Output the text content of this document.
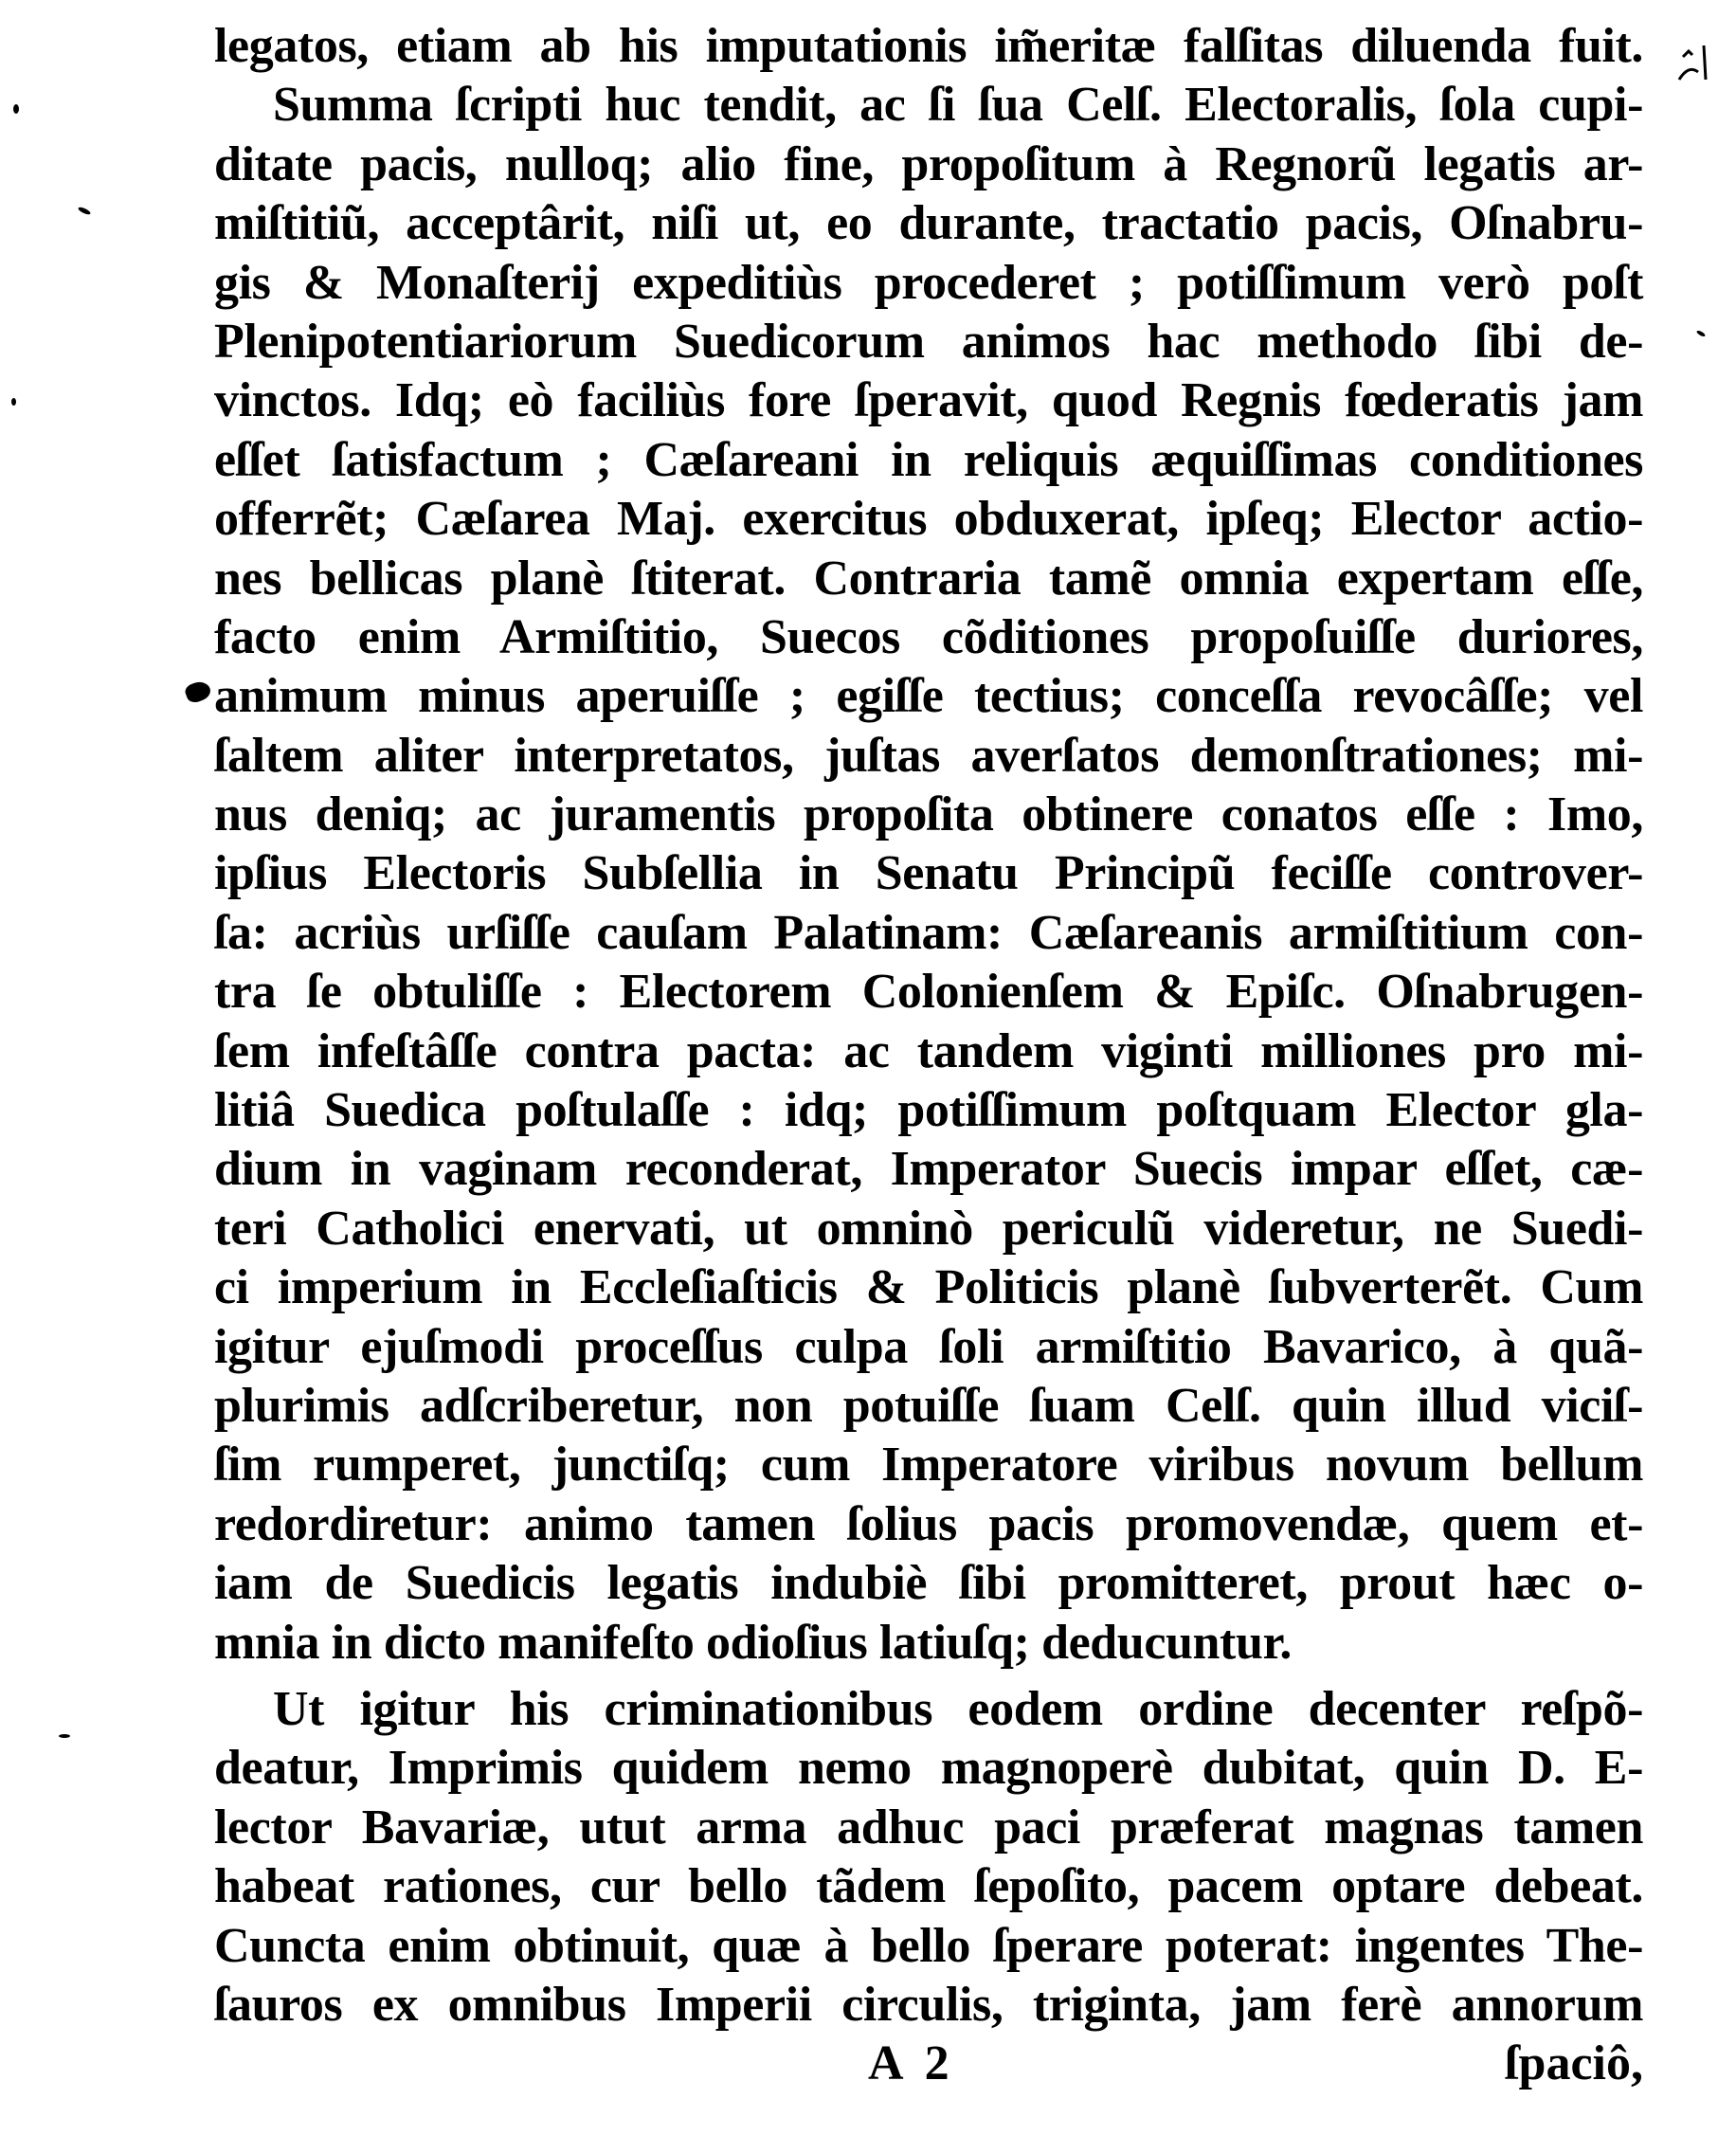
legatos, etiam ab his imputationis im̃eritæ falſitas diluenda fuit.
Summa ſcripti huc tendit, ac ſi ſua Celſ. Electoralis, ſola cupi-
ditate pacis, nulloq; alio fine, propoſitum à Regnorũ legatis ar-
miſtitiũ, acceptârit, niſi ut, eo durante, tractatio pacis, Oſnabru-
gis & Monaſterij expeditiùs procederet ; potiſſimum verò poſt
Plenipotentiariorum Suedicorum animos hac methodo ſibi de-
vinctos. Idq; eò faciliùs fore ſperavit, quod Regnis fœderatis jam
eſſet ſatisfactum ; Cæſareani in reliquis æquiſſimas conditiones
offerrẽt; Cæſarea Maj. exercitus obduxerat, ipſeq; Elector actio-
nes bellicas planè ſtiterat. Contraria tamẽ omnia expertam eſſe,
facto enim Armiſtitio, Suecos cõditiones propoſuiſſe duriores,
animum minus aperuiſſe ; egiſſe tectius; conceſſa revocâſſe; vel
ſaltem aliter interpretatos, juſtas averſatos demonſtrationes; mi-
nus deniq; ac juramentis propoſita obtinere conatos eſſe : Imo,
ipſius Electoris Subſellia in Senatu Principũ feciſſe controver-
ſa: acriùs urſiſſe cauſam Palatinam: Cæſareanis armiſtitium con-
tra ſe obtuliſſe : Electorem Colonienſem & Epiſc. Oſnabrugen-
ſem infeſtâſſe contra pacta: ac tandem viginti milliones pro mi-
litiâ Suedica poſtulaſſe : idq; potiſſimum poſtquam Elector gla-
dium in vaginam reconderat, Imperator Suecis impar eſſet, cæ-
teri Catholici enervati, ut omninò periculũ videretur, ne Suedi-
ci imperium in Eccleſiaſticis & Politicis planè ſubverterẽt. Cum
igitur ejuſmodi proceſſus culpa ſoli armiſtitio Bavarico, à quã-
plurimis adſcriberetur, non potuiſſe ſuam Celſ. quin illud viciſ-
ſim rumperet, junctiſq; cum Imperatore viribus novum bellum
redordiretur: animo tamen ſolius pacis promovendæ, quem et-
iam de Suedicis legatis indubiè ſibi promitteret, prout hæc o-
mnia in dicto manifeſto odioſius latiuſq; deducuntur.
Ut igitur his criminationibus eodem ordine decenter reſpõ-
deatur, Imprimis quidem nemo magnoperè dubitat, quin D. E-
lector Bavariæ, utut arma adhuc paci præferat magnas tamen
habeat rationes, cur bello tãdem ſepoſito, pacem optare debeat.
Cuncta enim obtinuit, quæ à bello ſperare poterat: ingentes The-
ſauros ex omnibus Imperii circulis, triginta, jam ferè annorum
A 2	ſpaciô,
